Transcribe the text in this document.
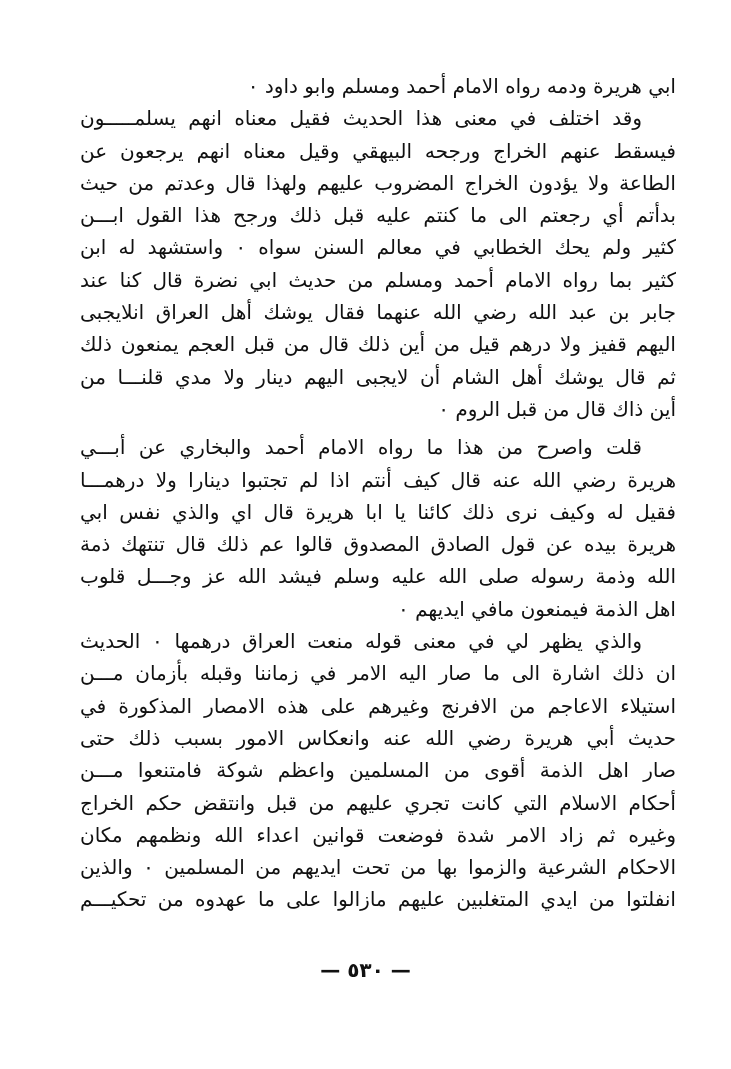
ابي هريرة ودمه رواه الامام أحمد ومسلم وابو داود ٠
وقد اختلف في معنى هذا الحديث فقيل معناه انهم يسلمـــــون
فيسقط عنهم الخراج ورجحه البيهقي وقيل معناه انهم يرجعون عن
الطاعة ولا يؤدون الخراج المضروب عليهم ولهذا قال وعدتم من حيث
بدأتم أي رجعتم الى ما كنتم عليه قبل ذلك ورجح هذا القول ابـــن
كثير ولم يحك الخطابي في معالم السنن سواه ٠ واستشهد له ابن
كثير بما رواه الامام أحمد ومسلم من حديث ابي نضرة قال كنا عند
جابر بن عبد الله رضي الله عنهما فقال يوشك أهل العراق انلايجبى
اليهم قفيز ولا درهم قيل من أين ذلك قال من قبل العجم يمنعون ذلك
ثم قال يوشك أهل الشام أن لايجبى اليهم دينار ولا مدي قلنـــا من
أين ذاك قال من قبل الروم ٠
قلت واصرح من هذا ما رواه الامام أحمد والبخاري عن أبـــي
هريرة رضي الله عنه قال كيف أنتم اذا لم تجتبوا دينارا ولا درهمـــا
فقيل له وكيف نرى ذلك كائنا يا ابا هريرة قال اي والذي نفس ابي
هريرة بيده عن قول الصادق المصدوق قالوا عم ذلك قال تنتهك ذمة
الله وذمة رسوله صلى الله عليه وسلم فيشد الله عز وجـــل قلوب
اهل الذمة فيمنعون مافي ايديهم ٠
والذي يظهر لي في معنى قوله منعت العراق درهمها ٠ الحديث
ان ذلك اشارة الى ما صار اليه الامر في زماننا وقبله بأزمان مـــن
استيلاء الاعاجم من الافرنج وغيرهم على هذه الامصار المذكورة في
حديث أبي هريرة رضي الله عنه وانعكاس الامور بسبب ذلك حتى
صار اهل الذمة أقوى من المسلمين واعظم شوكة فامتنعوا مـــن
أحكام الاسلام التي كانت تجري عليهم من قبل وانتقض حكم الخراج
وغيره ثم زاد الامر شدة فوضعت قوانين اعداء الله ونظمهم مكان
الاحكام الشرعية والزموا بها من تحت ايديهم من المسلمين ٠ والذين
انفلتوا من ايدي المتغلبين عليهم مازالوا على ما عهدوه من تحكيـــم
— ٥٣٠ —
